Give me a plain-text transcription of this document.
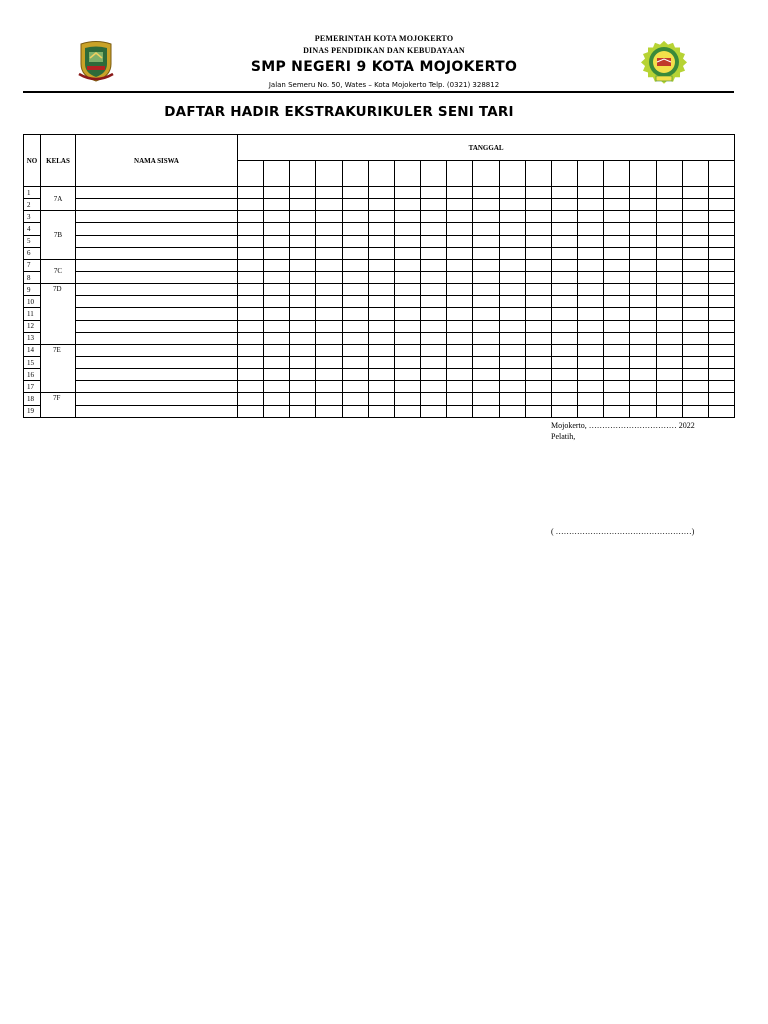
PEMERINTAH KOTA MOJOKERTO
DINAS PENDIDIKAN DAN KEBUDAYAAN
SMP NEGERI 9 KOTA MOJOKERTO
Jalan Semeru No. 50, Wates – Kota Mojokerto Telp. (0321) 328812
DAFTAR HADIR EKSTRAKURIKULER SENI TARI
NO	KELAS	NAMA SISWA	TANGGAL																		

1	7A																				
2																					
3	7B																				
4																					
5																					
6																					
7	7C																				
8																					
9	7D																				
10																					
11																					
12																					
13																					
14	7E																				
15																					
16																					
17																					
18	7F																				
19																					
Mojokerto, …………………………… 2022
Pelatih,
( ……………………………………………)
